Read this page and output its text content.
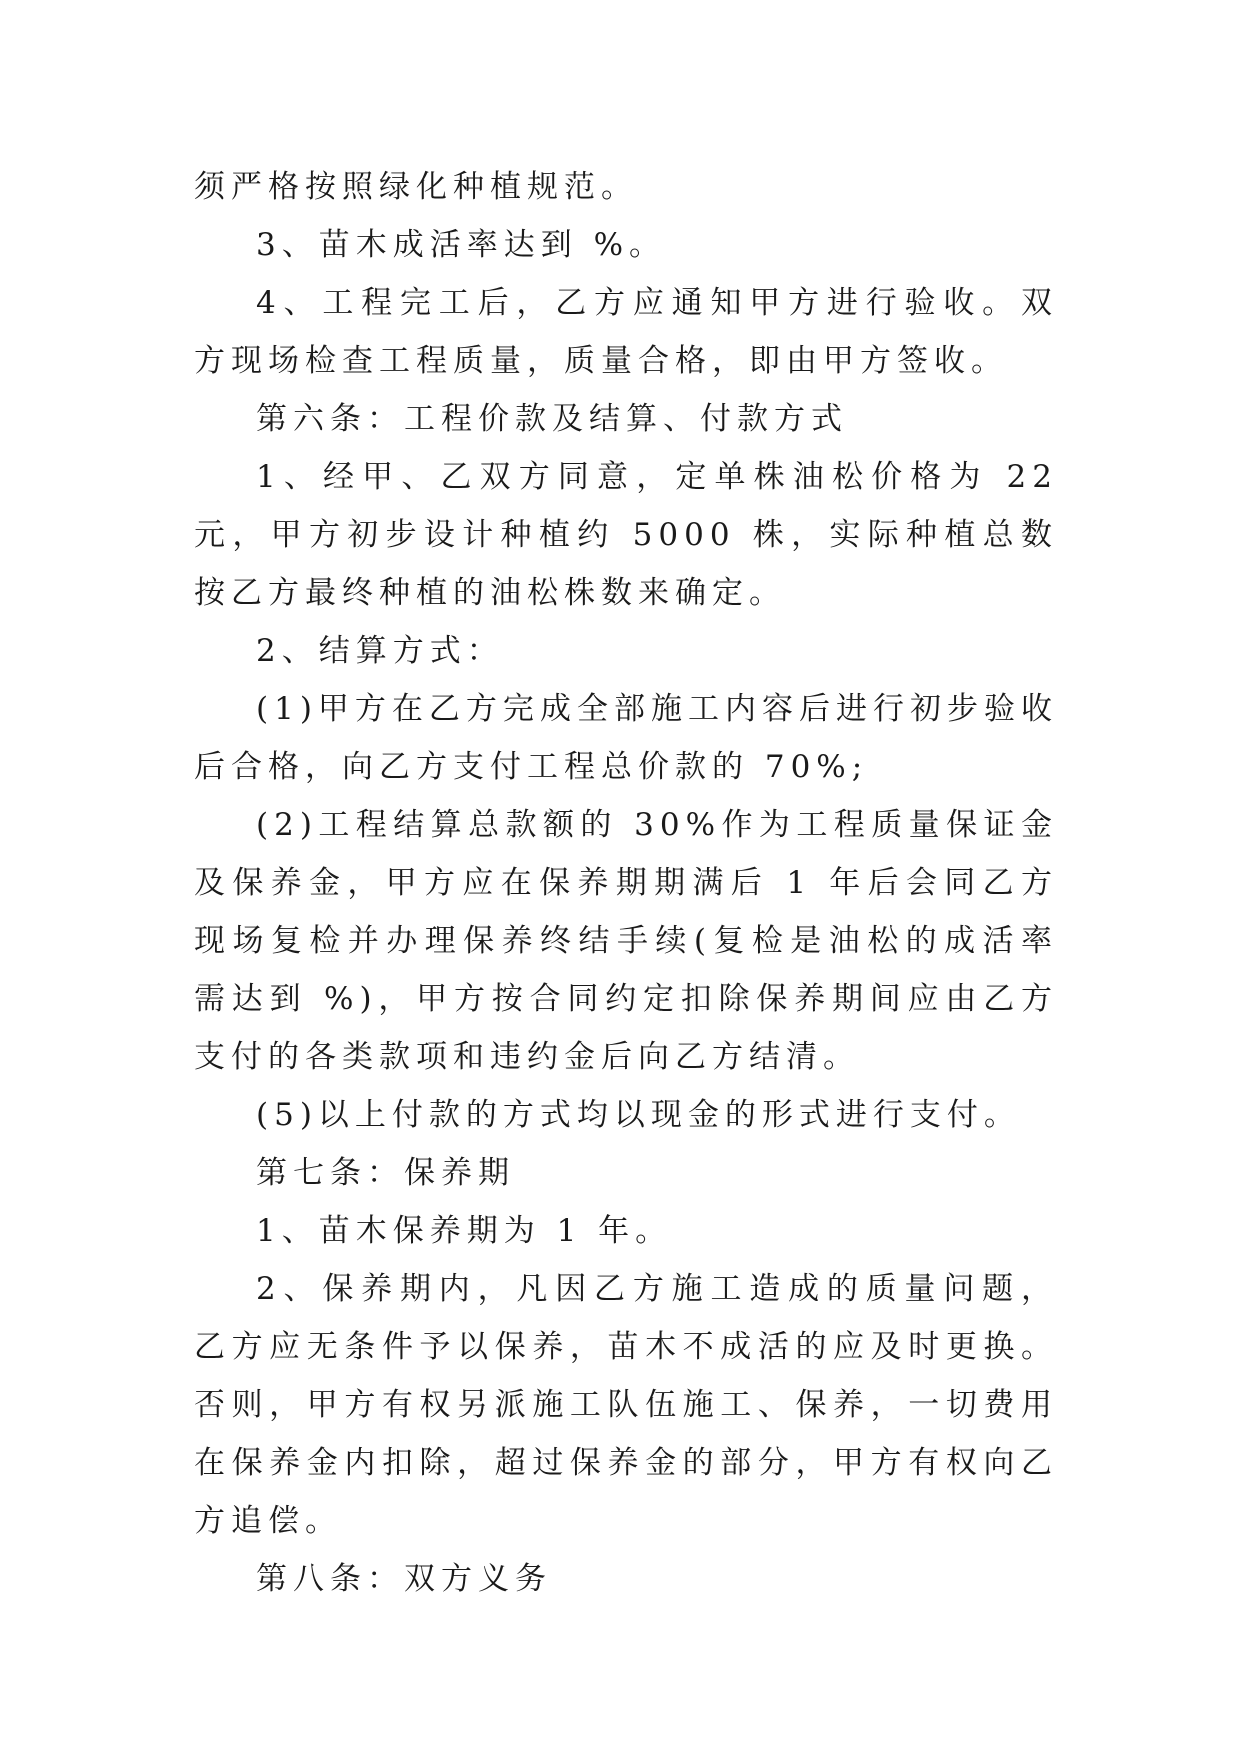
须严格按照绿化种植规范。

3、苗木成活率达到 %。

4、工程完工后，乙方应通知甲方进行验收。双方现场检查工程质量，质量合格，即由甲方签收。

第六条：工程价款及结算、付款方式

1、经甲、乙双方同意，定单株油松价格为 22 元，甲方初步设计种植约 5000 株，实际种植总数按乙方最终种植的油松株数来确定。

2、结算方式：

(1)甲方在乙方完成全部施工内容后进行初步验收后合格，向乙方支付工程总价款的 70%;

(2)工程结算总款额的 30%作为工程质量保证金及保养金，甲方应在保养期期满后 1 年后会同乙方现场复检并办理保养终结手续(复检是油松的成活率需达到 %)，甲方按合同约定扣除保养期间应由乙方支付的各类款项和违约金后向乙方结清。

(5)以上付款的方式均以现金的形式进行支付。

第七条：保养期

1、苗木保养期为 1 年。

2、保养期内，凡因乙方施工造成的质量问题，乙方应无条件予以保养，苗木不成活的应及时更换。否则，甲方有权另派施工队伍施工、保养，一切费用在保养金内扣除，超过保养金的部分，甲方有权向乙方追偿。

第八条：双方义务
